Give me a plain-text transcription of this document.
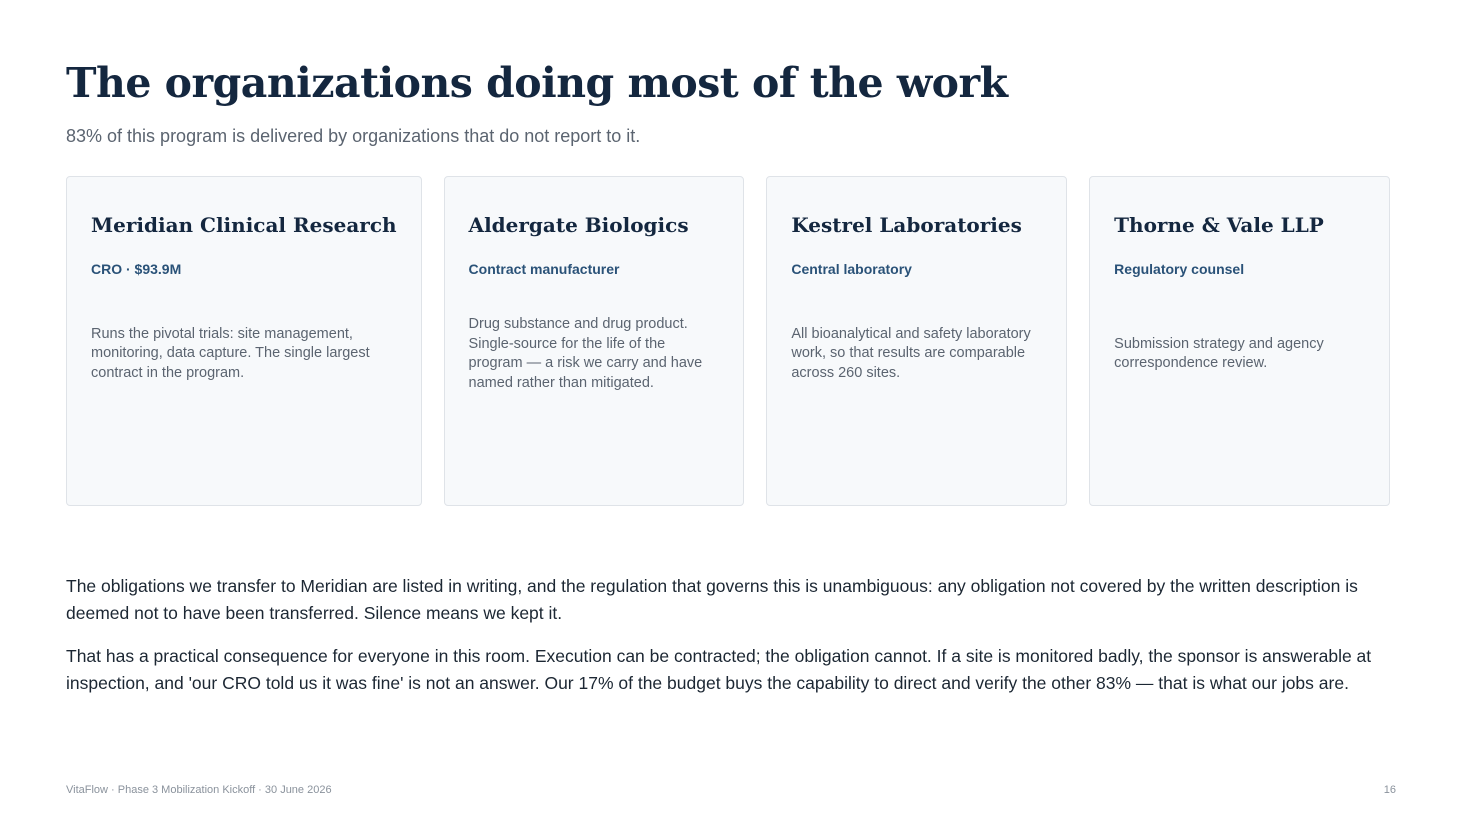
The organizations doing most of the work

83% of this program is delivered by organizations that do not report to it.

Meridian Clinical Research
CRO · $93.9M

Runs the pivotal trials: site management, monitoring, data capture. The single largest contract in the program.

Aldergate Biologics
Contract manufacturer

Drug substance and drug product. Single-source for the life of the program — a risk we carry and have named rather than mitigated.

Kestrel Laboratories
Central laboratory

All bioanalytical and safety laboratory work, so that results are comparable across 260 sites.

Thorne & Vale LLP
Regulatory counsel

Submission strategy and agency correspondence review.

The obligations we transfer to Meridian are listed in writing, and the regulation that governs this is unambiguous: any obligation not covered by the written description is deemed not to have been transferred. Silence means we kept it.

That has a practical consequence for everyone in this room. Execution can be contracted; the obligation cannot. If a site is monitored badly, the sponsor is answerable at inspection, and 'our CRO told us it was fine' is not an answer. Our 17% of the budget buys the capability to direct and verify the other 83% — that is what our jobs are.

VitaFlow · Phase 3 Mobilization Kickoff · 30 June 2026	16
